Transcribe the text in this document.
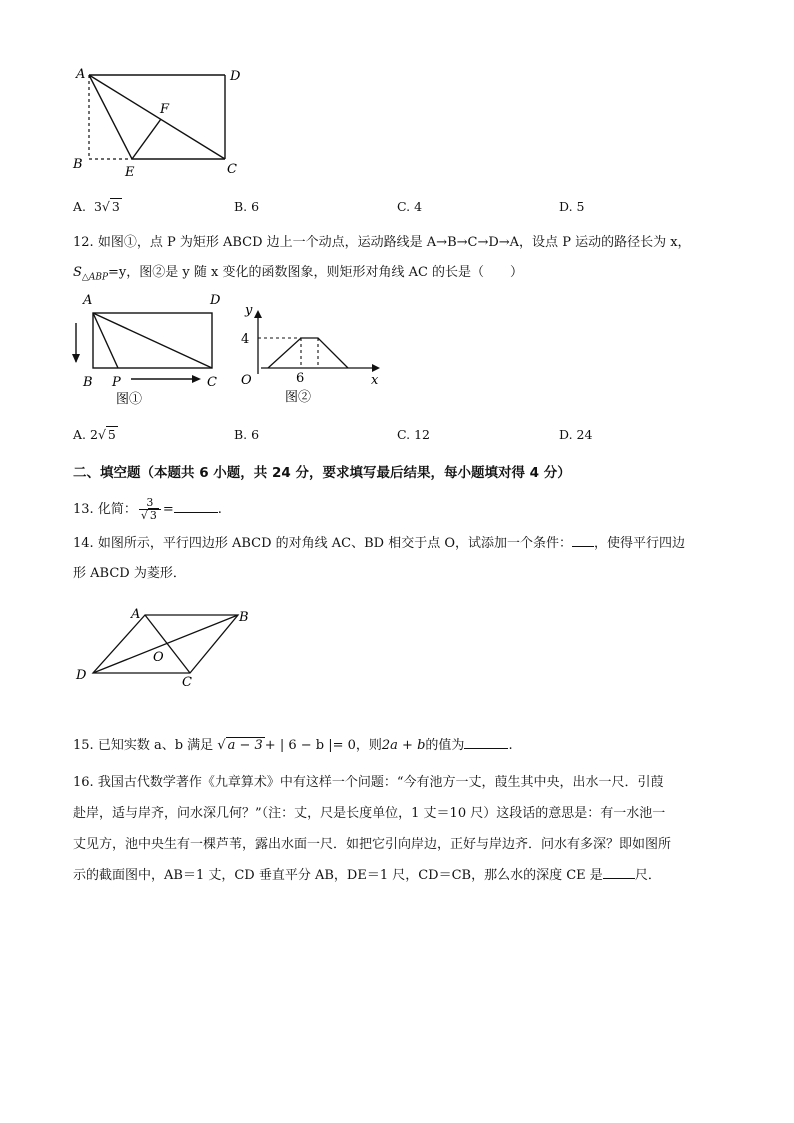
A	D
F
B
E	C
A. 3√ 3	B. 6	C. 4	D. 5
12. 如图①，点 P 为矩形 ABCD 边上一个动点，运动路线是 A→B→C→D→A，设点 P 运动的路径长为 x，
$S_{\triangle ABP}=y$，图②是 y 随 x 变化的函数图象，则矩形对角线 AC 的长是（　　）
A	D
B P	C
图①
y
x
O
4
6
图②
A. 2√ 5	B. 6	C. 12	D. 24
二、填空题（本题共 6 小题，共 24 分，要求填写最后结果，每小题填对得 4 分）
13. 化简： $\frac{3}{√ 3}$ =	.
14. 如图所示，平行四边形 ABCD 的对角线 AC、BD 相交于点 O，试添加一个条件： ，使得平行四边
形 ABCD 为菱形．
A	B
O
D	C
15. 已知实数 a、b 满足 √ a − 3 + | 6 − b |= 0，则2a + b的值为	.
16. 我国古代数学著作《九章算术》中有这样一个问题：“今有池方一丈，葭生其中央，出水一尺．引葭
赴岸，适与岸齐，问水深几何？”（注：丈，尺是长度单位，1 丈＝10 尺）这段话的意思是：有一水池一
丈见方，池中央生有一棵芦苇，露出水面一尺．如把它引向岸边，正好与岸边齐．问水有多深？即如图所
示的截面图中，AB＝1 丈，CD 垂直平分 AB，DE＝1 尺，CD＝CB，那么水的深度 CE 是 尺．
